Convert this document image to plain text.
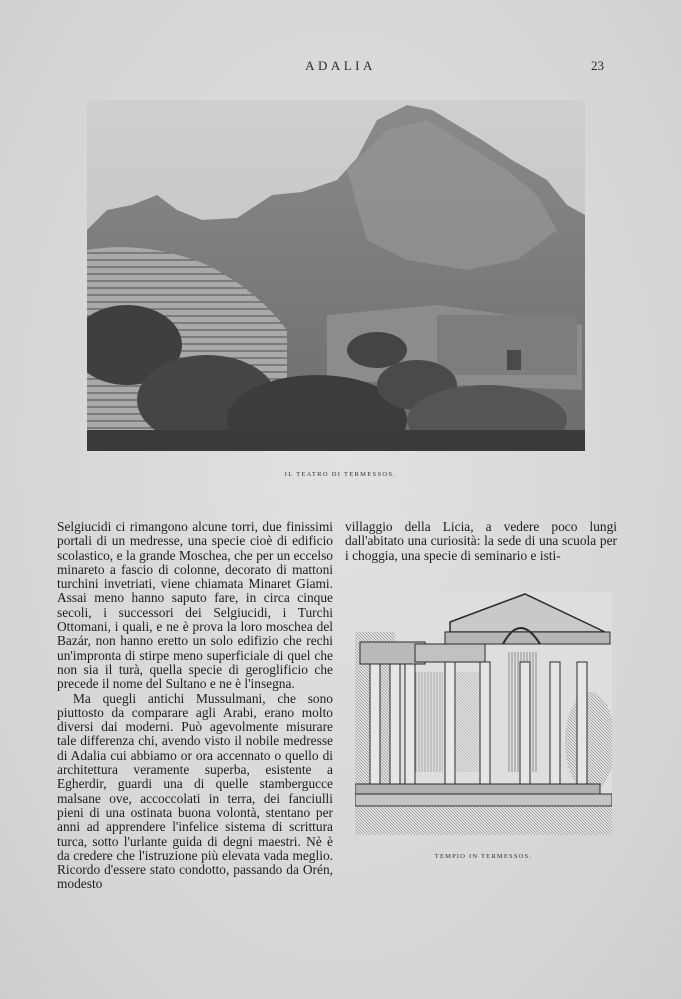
ADALIA	23
IL TEATRO DI TERMESSOS.

Selgiucidi ci rimangono alcune torri, due finissimi portali di un medresse, una specie cioè di edificio scolastico, e la grande Moschea, che per un eccelso minareto a fascio di colonne, decorato di mattoni turchini invetriati, viene chiamata Minaret Giami. Assai meno hanno saputo fare, in circa cinque secoli, i successori dei Selgiucidi, i Turchi Ottomani, i quali, e ne è prova la loro moschea del Bazár, non hanno eretto un solo edifizio che rechi un'impronta di stirpe meno superficiale di quel che non sia il turà, quella specie di geroglificio che precede il nome del Sultano e ne è l'insegna.

Ma quegli antichi Mussulmani, che sono piuttosto da comparare agli Arabi, erano molto diversi dai moderni. Può agevolmente misurare tale differenza chi, avendo visto il nobile medresse di Adalia cui abbiamo or ora accennato o quello di architettura veramente superba, esistente a Egherdir, guardi una di quelle stambergucce malsane ove, accoccolati in terra, dei fanciulli pieni di una ostinata buona volontà, stentano per anni ad apprendere l'infelice sistema di scrittura turca, sotto l'urlante guida di degni maestri. Nè è da credere che l'istruzione più elevata vada meglio. Ricordo d'essere stato condotto, passando da Orén, modesto

villaggio della Licia, a vedere poco lungi dall'abitato una curiosità: la sede di una scuola per i choggia, una specie di seminario e isti-

TEMPIO IN TERMESSOS.
